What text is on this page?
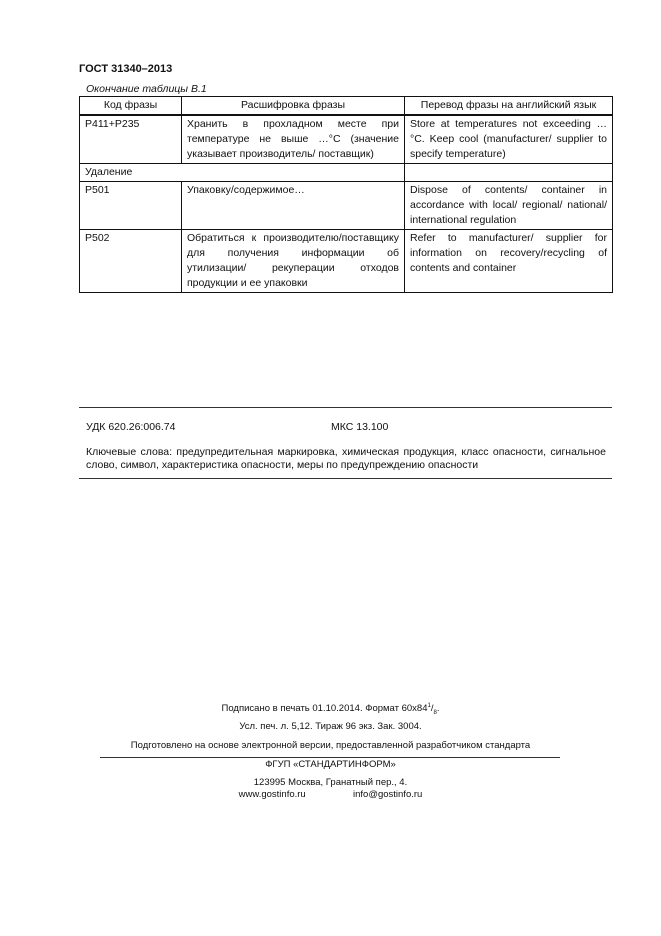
ГОСТ 31340–2013
Окончание таблицы В.1
Код фразы	Расшифровка фразы	Перевод фразы на английский язык
P411+P235	Хранить в прохладном месте при температуре не выше …°С (значение указывает производитель/ поставщик)	Store at temperatures not exceeding … °C. Keep cool (manufacturer/ supplier to specify temperature)
Удаление		
P501	Упаковку/содержимое…	Dispose of contents/ container in accordance with local/ regional/ national/ international regulation
P502	Обратиться к производителю/поставщику для получения информации об утилизации/ рекуперации отходов продукции и ее упаковки	Refer to manufacturer/ supplier for information on recovery/recycling of contents and container
УДК 620.26:006.74	МКС 13.100
Ключевые слова: предупредительная маркировка, химическая продукция, класс опасности, сигнальное слово, символ, характеристика опасности, меры по предупреждению опасности
Подписано в печать 01.10.2014. Формат $60х84^1/_8$.
Усл. печ. л. 5,12. Тираж 96 экз. Зак. 3004.
Подготовлено на основе электронной версии, предоставленной разработчиком стандарта
ФГУП «СТАНДАРТИНФОРМ»
123995 Москва, Гранатный пер., 4.
www.gostinfo.ru	info@gostinfo.ru
